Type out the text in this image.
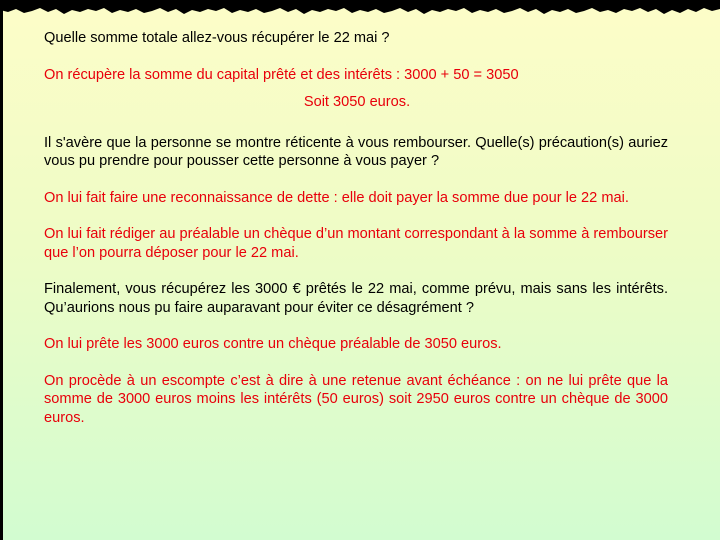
Quelle somme totale allez-vous récupérer le 22 mai ?

On récupère la somme du capital prêté et des intérêts : 3000 + 50 = 3050

Soit 3050 euros.

Il s'avère que la personne se montre réticente à vous rembourser. Quelle(s) précaution(s) auriez vous pu prendre pour pousser cette personne à vous payer ?

On lui fait faire une reconnaissance de dette : elle doit payer la somme due pour le 22 mai.

On lui fait rédiger au préalable un chèque d’un montant correspondant à la somme à rembourser que l’on pourra déposer pour le 22 mai.

Finalement, vous récupérez les 3000 € prêtés le 22 mai, comme prévu, mais sans les intérêts. Qu’aurions nous pu faire auparavant pour éviter ce désagrément ?

On lui prête les 3000 euros contre un chèque préalable de 3050 euros.

On procède à un escompte c’est à dire à une retenue avant échéance : on ne lui prête que la somme de 3000 euros moins les intérêts (50 euros) soit 2950 euros contre un chèque de 3000 euros.
